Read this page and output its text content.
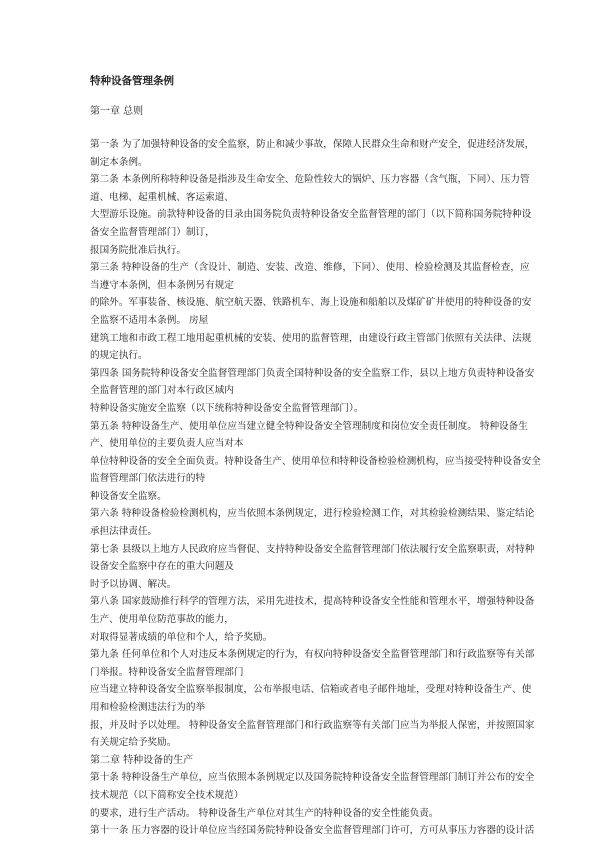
特种设备管理条例
第一章 总则

第一条 为了加强特种设备的安全监察，防止和减少事故，保障人民群众生命和财产安全，促进经济发展，

制定本条例。

第二条 本条例所称特种设备是指涉及生命安全、危险性较大的锅炉、压力容器（含气瓶，下同）、压力管

道、电梯、起重机械、客运索道、

大型游乐设施。前款特种设备的目录由国务院负责特种设备安全监督管理的部门（以下简称国务院特种设

备安全监督管理部门）制订，

报国务院批准后执行。

第三条 特种设备的生产（含设计、制造、安装、改造、维修，下同）、使用、检验检测及其监督检查，应

当遵守本条例，但本条例另有规定

的除外。军事装备、核设施、航空航天器、铁路机车、海上设施和船舶以及煤矿矿井使用的特种设备的安

全监察不适用本条例。 房屋

建筑工地和市政工程工地用起重机械的安装、使用的监督管理，由建设行政主管部门依照有关法律、法规

的规定执行。

第四条 国务院特种设备安全监督管理部门负责全国特种设备的安全监察工作，县以上地方负责特种设备安

全监督管理的部门对本行政区域内

特种设备实施安全监察（以下统称特种设备安全监督管理部门）。

第五条 特种设备生产、使用单位应当建立健全特种设备安全管理制度和岗位安全责任制度。 特种设备生

产、使用单位的主要负责人应当对本

单位特种设备的安全全面负责。特种设备生产、使用单位和特种设备检验检测机构，应当接受特种设备安全

监督管理部门依法进行的特

种设备安全监察。

第六条 特种设备检验检测机构，应当依照本条例规定，进行检验检测工作，对其检验检测结果、鉴定结论

承担法律责任。

第七条 县级以上地方人民政府应当督促、支持特种设备安全监督管理部门依法履行安全监察职责，对特种

设备安全监察中存在的重大问题及

时予以协调、解决。

第八条 国家鼓励推行科学的管理方法，采用先进技术，提高特种设备安全性能和管理水平，增强特种设备

生产、使用单位防范事故的能力，

对取得显著成绩的单位和个人，给予奖励。

第九条 任何单位和个人对违反本条例规定的行为，有权向特种设备安全监督管理部门和行政监察等有关部

门举报。特种设备安全监督管理部门

应当建立特种设备安全监察举报制度，公布举报电话、信箱或者电子邮件地址，受理对特种设备生产、使

用和检验检测违法行为的举

报，并及时予以处理。 特种设备安全监督管理部门和行政监察等有关部门应当为举报人保密，并按照国家

有关规定给予奖励。

第二章 特种设备的生产

第十条 特种设备生产单位，应当依照本条例规定以及国务院特种设备安全监督管理部门制订并公布的安全

技术规范（以下简称安全技术规范）

的要求，进行生产活动。 特种设备生产单位对其生产的特种设备的安全性能负责。

第十一条 压力容器的设计单位应当经国务院特种设备安全监督管理部门许可，方可从事压力容器的设计活
